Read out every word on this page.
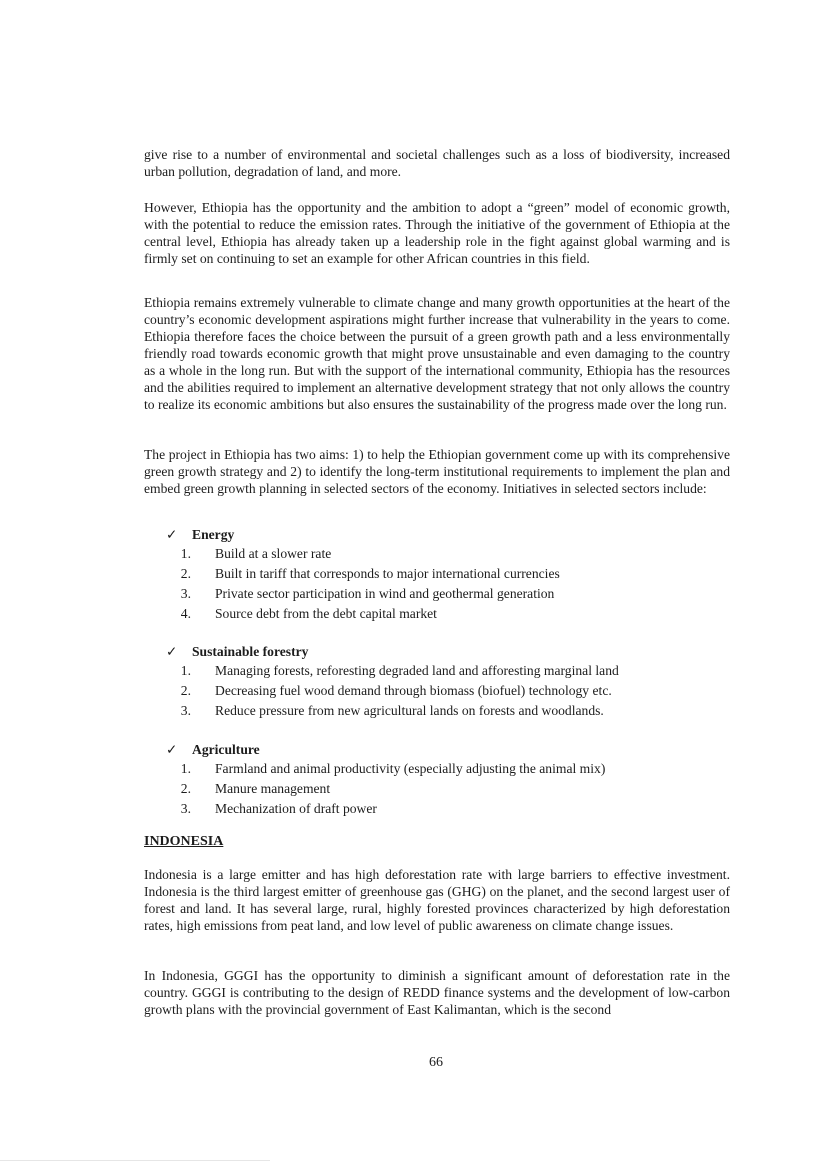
give rise to a number of environmental and societal challenges such as a loss of biodiversity, increased urban pollution, degradation of land, and more.

However, Ethiopia has the opportunity and the ambition to adopt a “green” model of economic growth, with the potential to reduce the emission rates. Through the initiative of the government of Ethiopia at the central level, Ethiopia has already taken up a leadership role in the fight against global warming and is firmly set on continuing to set an example for other African countries in this field.

Ethiopia remains extremely vulnerable to climate change and many growth opportunities at the heart of the country’s economic development aspirations might further increase that vulnerability in the years to come. Ethiopia therefore faces the choice between the pursuit of a green growth path and a less environmentally friendly road towards economic growth that might prove unsustainable and even damaging to the country as a whole in the long run. But with the support of the international community, Ethiopia has the resources and the abilities required to implement an alternative development strategy that not only allows the country to realize its economic ambitions but also ensures the sustainability of the progress made over the long run.

The project in Ethiopia has two aims: 1) to help the Ethiopian government come up with its comprehensive green growth strategy and 2) to identify the long-term institutional requirements to implement the plan and embed green growth planning in selected sectors of the economy. Initiatives in selected sectors include:

✓ Energy
1. Build at a slower rate
2. Built in tariff that corresponds to major international currencies
3. Private sector participation in wind and geothermal generation
4. Source debt from the debt capital market
✓ Sustainable forestry
1. Managing forests, reforesting degraded land and afforesting marginal land
2. Decreasing fuel wood demand through biomass (biofuel) technology etc.
3. Reduce pressure from new agricultural lands on forests and woodlands.
✓ Agriculture
1. Farmland and animal productivity (especially adjusting the animal mix)
2. Manure management
3. Mechanization of draft power
INDONESIA

Indonesia is a large emitter and has high deforestation rate with large barriers to effective investment. Indonesia is the third largest emitter of greenhouse gas (GHG) on the planet, and the second largest user of forest and land. It has several large, rural, highly forested provinces characterized by high deforestation rates, high emissions from peat land, and low level of public awareness on climate change issues.

In Indonesia, GGGI has the opportunity to diminish a significant amount of deforestation rate in the country. GGGI is contributing to the design of REDD finance systems and the development of low-carbon growth plans with the provincial government of East Kalimantan, which is the second

66
